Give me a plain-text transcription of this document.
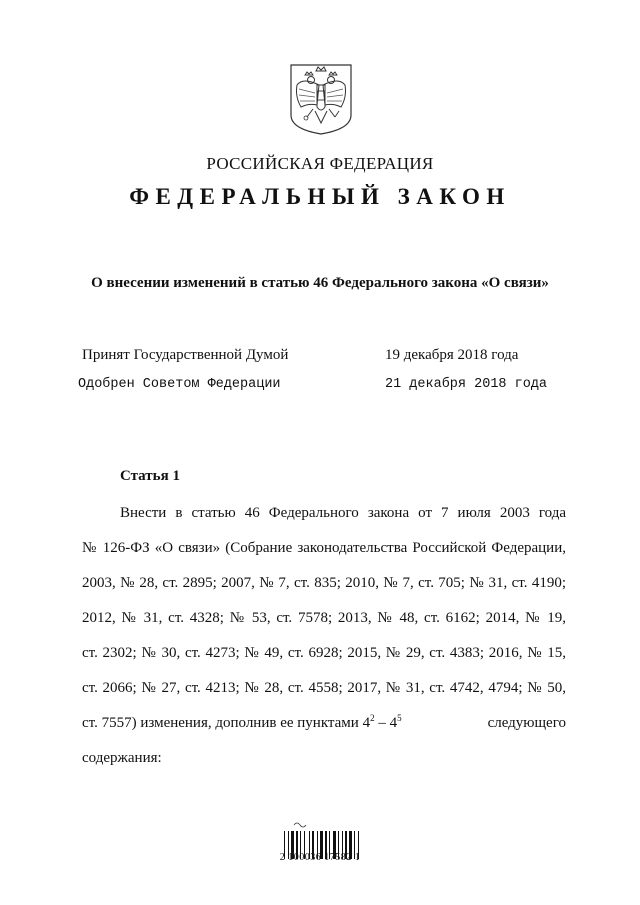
РОССИЙСКАЯ ФЕДЕРАЦИЯ
ФЕДЕРАЛЬНЫЙ ЗАКОН
О внесении изменений в статью 46 Федерального закона «О связи»
Принят Государственной Думой	19 декабря 2018 года
Одобрен Советом Федерации	21 декабря 2018 года
Статья 1
Внести в статью 46 Федерального закона от 7 июля 2003 года
№ 126-ФЗ «О связи» (Собрание законодательства Российской Федерации,
2003, № 28, ст. 2895; 2007, № 7, ст. 835; 2010, № 7, ст. 705; № 31, ст. 4190;
2012, № 31, ст. 4328; № 53, ст. 7578; 2013, № 48, ст. 6162; 2014, № 19,
ст. 2302; № 30, ст. 4273; № 49, ст. 6928; 2015, № 29, ст. 4383; 2016, № 15,
ст. 2066; № 27, ст. 4213; № 28, ст. 4558; 2017, № 31, ст. 4742, 4794; № 50,
ст. 7557) изменения, дополнив ее пунктами $4^2 - 4^5$	следующего
содержания:
2 100036 17582 1
